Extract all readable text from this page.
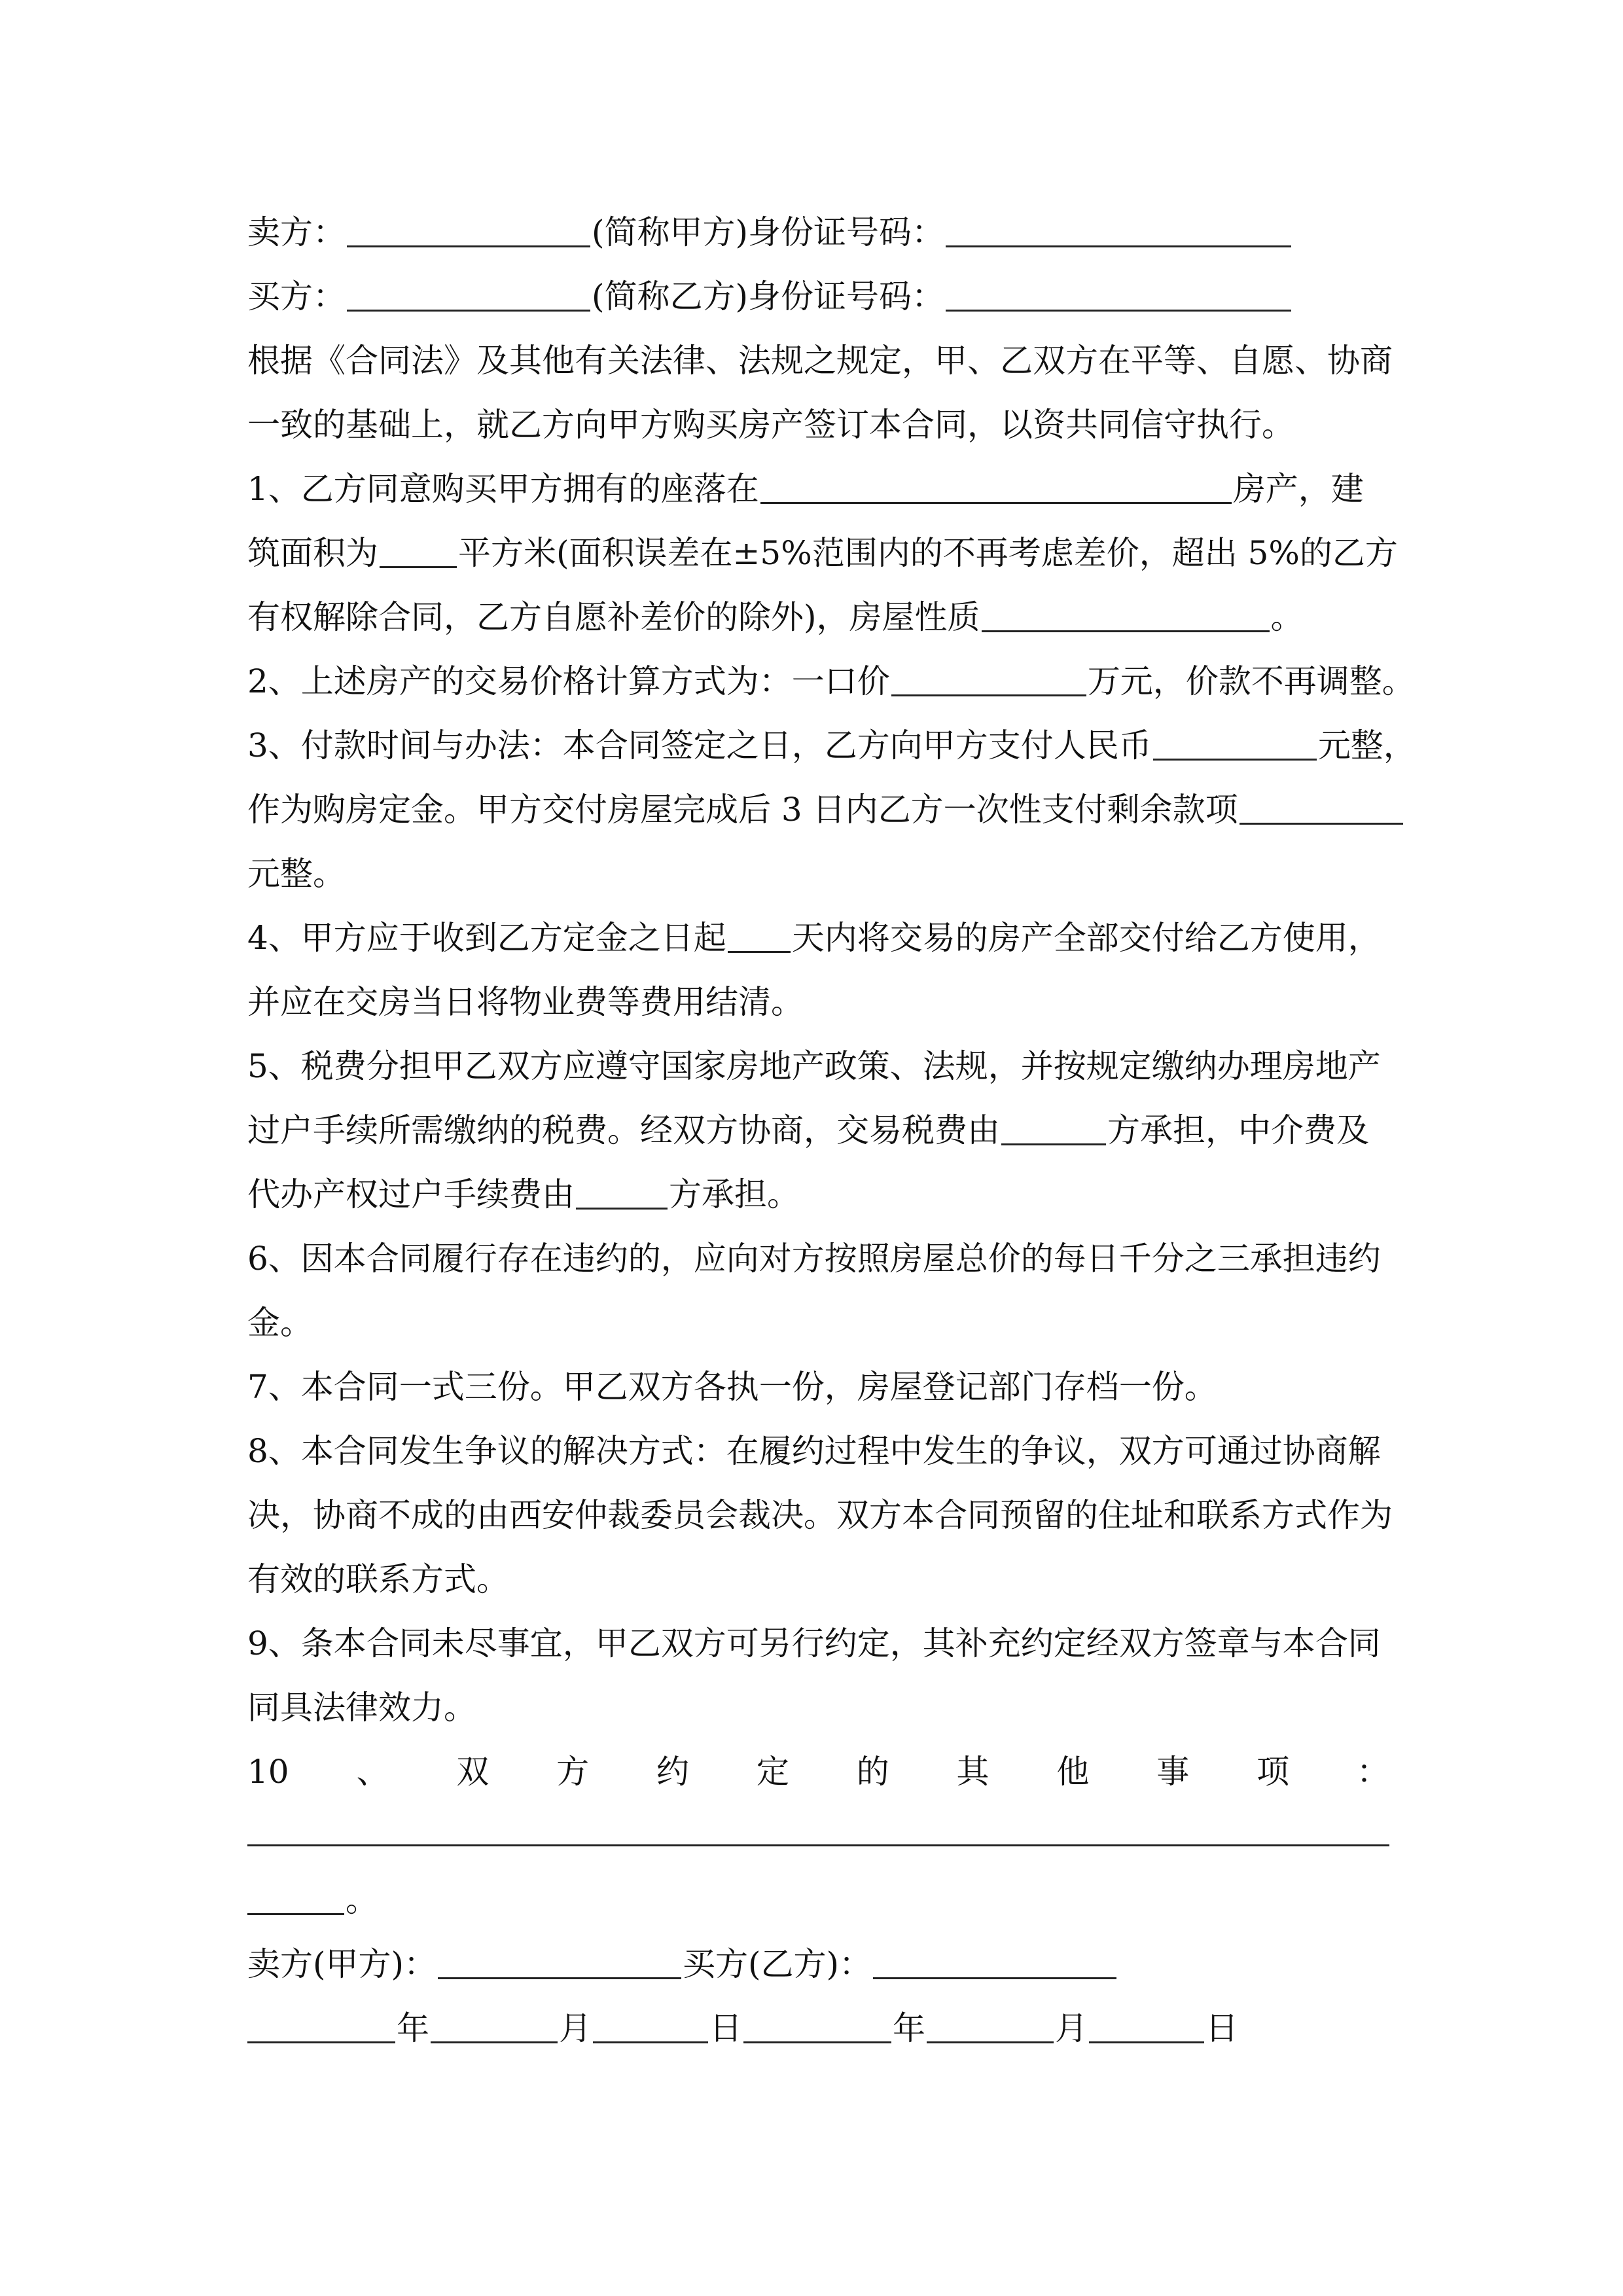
卖方：	(简称甲方)身份证号码：
买方：	(简称乙方)身份证号码：
根据《合同法》及其他有关法律、法规之规定，甲、乙双方在平等、自愿、协商
一致的基础上，就乙方向甲方购买房产签订本合同，以资共同信守执行。
1、乙方同意购买甲方拥有的座落在	房产，建
筑面积为 平方米(面积误差在±5%范围内的不再考虑差价，超出 5%的乙方
有权解除合同，乙方自愿补差价的除外)，房屋性质	。
2、上述房产的交易价格计算方式为：一口价	万元，价款不再调整。
3、付款时间与办法：本合同签定之日，乙方向甲方支付人民币	元整，
作为购房定金。甲方交付房屋完成后 3 日内乙方一次性支付剩余款项
元整。
4、甲方应于收到乙方定金之日起 天内将交易的房产全部交付给乙方使用，
并应在交房当日将物业费等费用结清。
5、税费分担甲乙双方应遵守国家房地产政策、法规，并按规定缴纳办理房地产
过户手续所需缴纳的税费。经双方协商，交易税费由	方承担，中介费及
代办产权过户手续费由	方承担。
6、因本合同履行存在违约的，应向对方按照房屋总价的每日千分之三承担违约
金。
7、本合同一式三份。甲乙双方各执一份，房屋登记部门存档一份。
8、本合同发生争议的解决方式：在履约过程中发生的争议，双方可通过协商解
决，协商不成的由西安仲裁委员会裁决。双方本合同预留的住址和联系方式作为
有效的联系方式。
9、条本合同未尽事宜，甲乙双方可另行约定，其补充约定经双方签章与本合同
同具法律效力。
10 、 双 方 约 定 的 其 他 事 项 ：
。
卖方(甲方)：	买方(乙方)：
年	月	日	年	月	日
